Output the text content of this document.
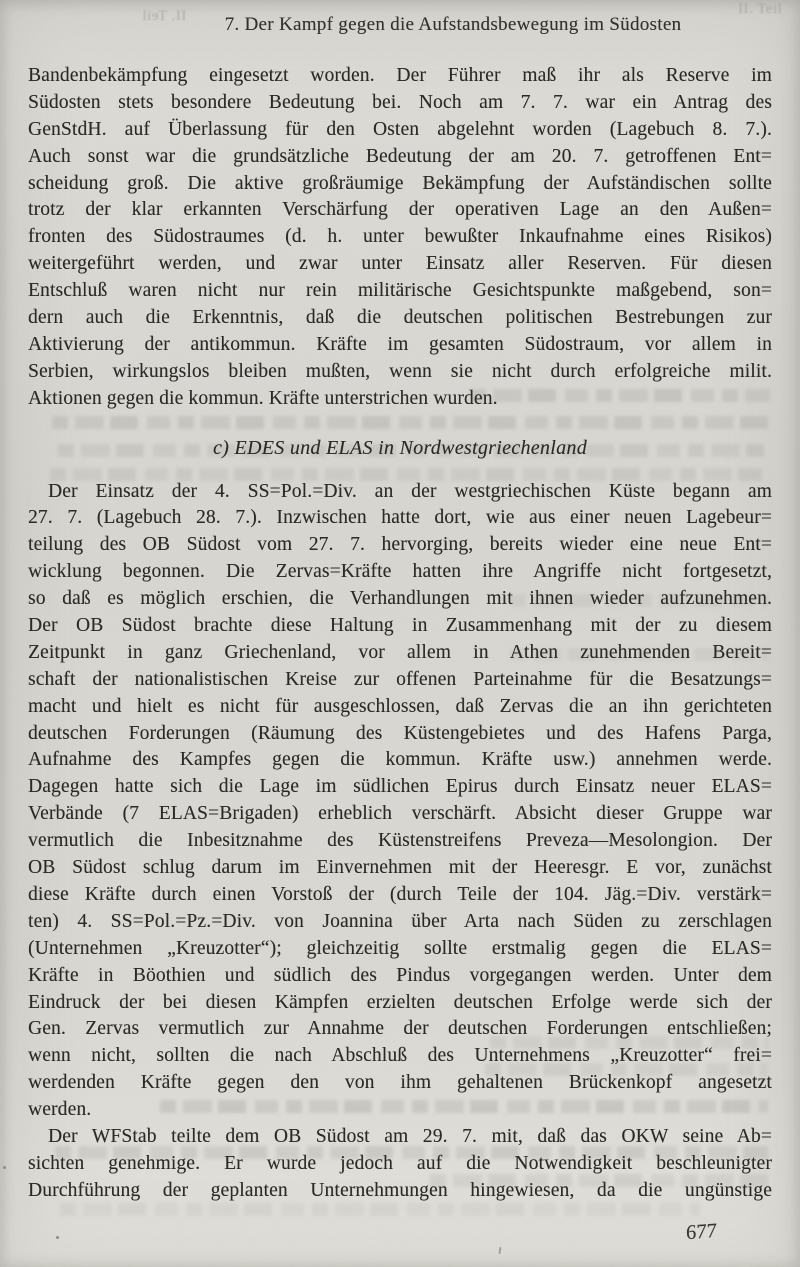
II. Teil	II. Teil
7. Der Kampf gegen die Aufstandsbewegung im Südosten
Bandenbekämpfung eingesetzt worden. Der Führer maß ihr als Reserve im
Südosten stets besondere Bedeutung bei. Noch am 7. 7. war ein Antrag des
GenStdH. auf Überlassung für den Osten abgelehnt worden (Lagebuch 8. 7.).
Auch sonst war die grundsätzliche Bedeutung der am 20. 7. getroffenen Ent=
scheidung groß. Die aktive großräumige Bekämpfung der Aufständischen sollte
trotz der klar erkannten Verschärfung der operativen Lage an den Außen=
fronten des Südostraumes (d. h. unter bewußter Inkaufnahme eines Risikos)
weitergeführt werden, und zwar unter Einsatz aller Reserven. Für diesen
Entschluß waren nicht nur rein militärische Gesichtspunkte maßgebend, son=
dern auch die Erkenntnis, daß die deutschen politischen Bestrebungen zur
Aktivierung der antikommun. Kräfte im gesamten Südostraum, vor allem in
Serbien, wirkungslos bleiben mußten, wenn sie nicht durch erfolgreiche milit.
Aktionen gegen die kommun. Kräfte unterstrichen wurden.
c) EDES und ELAS in Nordwestgriechenland
Der Einsatz der 4. SS=Pol.=Div. an der westgriechischen Küste begann am
27. 7. (Lagebuch 28. 7.). Inzwischen hatte dort, wie aus einer neuen Lagebeur=
teilung des OB Südost vom 27. 7. hervorging, bereits wieder eine neue Ent=
wicklung begonnen. Die Zervas=Kräfte hatten ihre Angriffe nicht fortgesetzt,
so daß es möglich erschien, die Verhandlungen mit ihnen wieder aufzunehmen.
Der OB Südost brachte diese Haltung in Zusammenhang mit der zu diesem
Zeitpunkt in ganz Griechenland, vor allem in Athen zunehmenden Bereit=
schaft der nationalistischen Kreise zur offenen Parteinahme für die Besatzungs=
macht und hielt es nicht für ausgeschlossen, daß Zervas die an ihn gerichteten
deutschen Forderungen (Räumung des Küstengebietes und des Hafens Parga,
Aufnahme des Kampfes gegen die kommun. Kräfte usw.) annehmen werde.
Dagegen hatte sich die Lage im südlichen Epirus durch Einsatz neuer ELAS=
Verbände (7 ELAS=Brigaden) erheblich verschärft. Absicht dieser Gruppe war
vermutlich die Inbesitznahme des Küstenstreifens Preveza—Mesolongion. Der
OB Südost schlug darum im Einvernehmen mit der Heeresgr. E vor, zunächst
diese Kräfte durch einen Vorstoß der (durch Teile der 104. Jäg.=Div. verstärk=
ten) 4. SS=Pol.=Pz.=Div. von Joannina über Arta nach Süden zu zerschlagen
(Unternehmen „Kreuzotter“); gleichzeitig sollte erstmalig gegen die ELAS=
Kräfte in Böothien und südlich des Pindus vorgegangen werden. Unter dem
Eindruck der bei diesen Kämpfen erzielten deutschen Erfolge werde sich der
Gen. Zervas vermutlich zur Annahme der deutschen Forderungen entschließen;
wenn nicht, sollten die nach Abschluß des Unternehmens „Kreuzotter“ frei=
werdenden Kräfte gegen den von ihm gehaltenen Brückenkopf angesetzt
werden.
Der WFStab teilte dem OB Südost am 29. 7. mit, daß das OKW seine Ab=
sichten genehmige. Er wurde jedoch auf die Notwendigkeit beschleunigter
Durchführung der geplanten Unternehmungen hingewiesen, da die ungünstige
677
